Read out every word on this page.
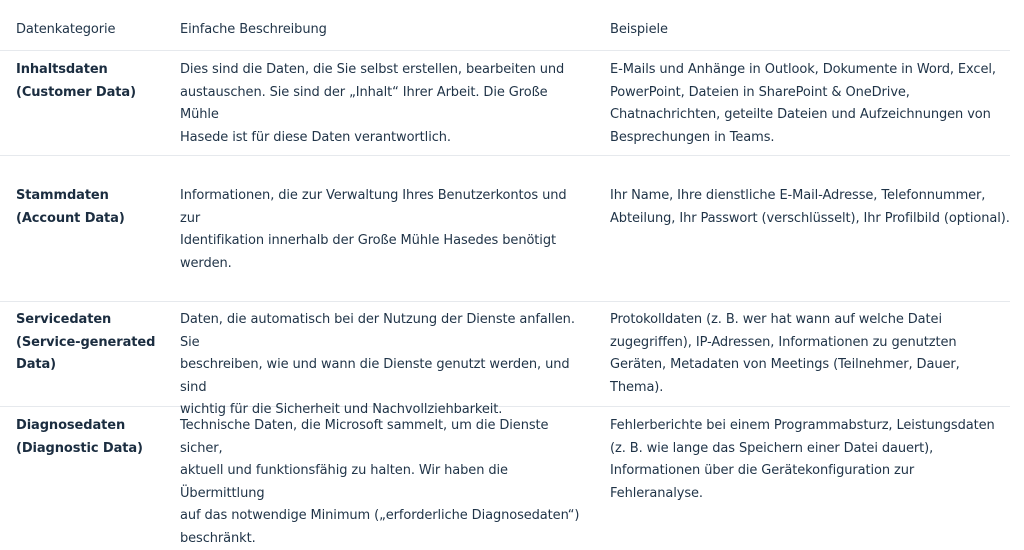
Datenkategorie	Einfache Beschreibung	Beispiele
Inhaltsdaten
(Customer Data)
Dies sind die Daten, die Sie selbst erstellen, bearbeiten und
austauschen. Sie sind der „Inhalt“ Ihrer Arbeit. Die Große Mühle
Hasede ist für diese Daten verantwortlich.
E-Mails und Anhänge in Outlook, Dokumente in Word, Excel,
PowerPoint, Dateien in SharePoint & OneDrive,
Chatnachrichten, geteilte Dateien und Aufzeichnungen von
Besprechungen in Teams.
Stammdaten
(Account Data)
Informationen, die zur Verwaltung Ihres Benutzerkontos und zur
Identifikation innerhalb der Große Mühle Hasedes benötigt
werden.
Ihr Name, Ihre dienstliche E-Mail-Adresse, Telefonnummer,
Abteilung, Ihr Passwort (verschlüsselt), Ihr Profilbild (optional).
Servicedaten
(Service-generated
Data)
Daten, die automatisch bei der Nutzung der Dienste anfallen. Sie
beschreiben, wie und wann die Dienste genutzt werden, und sind
wichtig für die Sicherheit und Nachvollziehbarkeit.
Protokolldaten (z. B. wer hat wann auf welche Datei
zugegriffen), IP-Adressen, Informationen zu genutzten
Geräten, Metadaten von Meetings (Teilnehmer, Dauer,
Thema).
Diagnosedaten
(Diagnostic Data)
Technische Daten, die Microsoft sammelt, um die Dienste sicher,
aktuell und funktionsfähig zu halten. Wir haben die Übermittlung
auf das notwendige Minimum („erforderliche Diagnosedaten“)
beschränkt.
Fehlerberichte bei einem Programmabsturz, Leistungsdaten
(z. B. wie lange das Speichern einer Datei dauert),
Informationen über die Gerätekonfiguration zur
Fehleranalyse.
